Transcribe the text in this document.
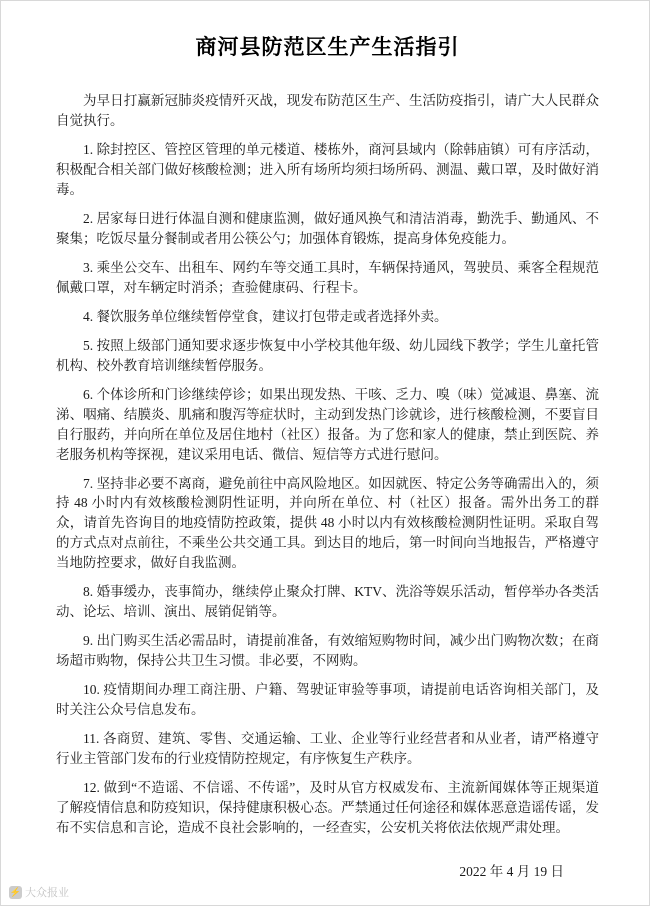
商河县防范区生产生活指引

为早日打赢新冠肺炎疫情歼灭战，现发布防范区生产、生活防疫指引，请广大人民群众自觉执行。

1. 除封控区、管控区管理的单元楼道、楼栋外，商河县域内（除韩庙镇）可有序活动，积极配合相关部门做好核酸检测；进入所有场所均须扫场所码、测温、戴口罩，及时做好消毒。

2. 居家每日进行体温自测和健康监测，做好通风换气和清洁消毒，勤洗手、勤通风、不聚集；吃饭尽量分餐制或者用公筷公勺；加强体育锻炼，提高身体免疫能力。

3. 乘坐公交车、出租车、网约车等交通工具时，车辆保持通风，驾驶员、乘客全程规范佩戴口罩，对车辆定时消杀；查验健康码、行程卡。

4. 餐饮服务单位继续暂停堂食，建议打包带走或者选择外卖。

5. 按照上级部门通知要求逐步恢复中小学校其他年级、幼儿园线下教学；学生儿童托管机构、校外教育培训继续暂停服务。

6. 个体诊所和门诊继续停诊；如果出现发热、干咳、乏力、嗅（味）觉减退、鼻塞、流涕、咽痛、结膜炎、肌痛和腹泻等症状时，主动到发热门诊就诊，进行核酸检测，不要盲目自行服药，并向所在单位及居住地村（社区）报备。为了您和家人的健康，禁止到医院、养老服务机构等探视，建议采用电话、微信、短信等方式进行慰问。

7. 坚持非必要不离商，避免前往中高风险地区。如因就医、特定公务等确需出入的，须持 48 小时内有效核酸检测阴性证明，并向所在单位、村（社区）报备。需外出务工的群众，请首先咨询目的地疫情防控政策，提供 48 小时以内有效核酸检测阴性证明。采取自驾的方式点对点前往，不乘坐公共交通工具。到达目的地后，第一时间向当地报告，严格遵守当地防控要求，做好自我监测。

8. 婚事缓办，丧事简办，继续停止聚众打牌、KTV、洗浴等娱乐活动，暂停举办各类活动、论坛、培训、演出、展销促销等。

9. 出门购买生活必需品时，请提前准备，有效缩短购物时间，减少出门购物次数；在商场超市购物，保持公共卫生习惯。非必要，不网购。

10. 疫情期间办理工商注册、户籍、驾驶证审验等事项，请提前电话咨询相关部门，及时关注公众号信息发布。

11. 各商贸、建筑、零售、交通运输、工业、企业等行业经营者和从业者，请严格遵守行业主管部门发布的行业疫情防控规定，有序恢复生产秩序。

12. 做到“不造谣、不信谣、不传谣”，及时从官方权威发布、主流新闻媒体等正规渠道了解疫情信息和防疫知识，保持健康积极心态。严禁通过任何途径和媒体恶意造谣传谣，发布不实信息和言论，造成不良社会影响的，一经查实，公安机关将依法依规严肃处理。

2022 年 4 月 19 日
⚡ 大众报业
